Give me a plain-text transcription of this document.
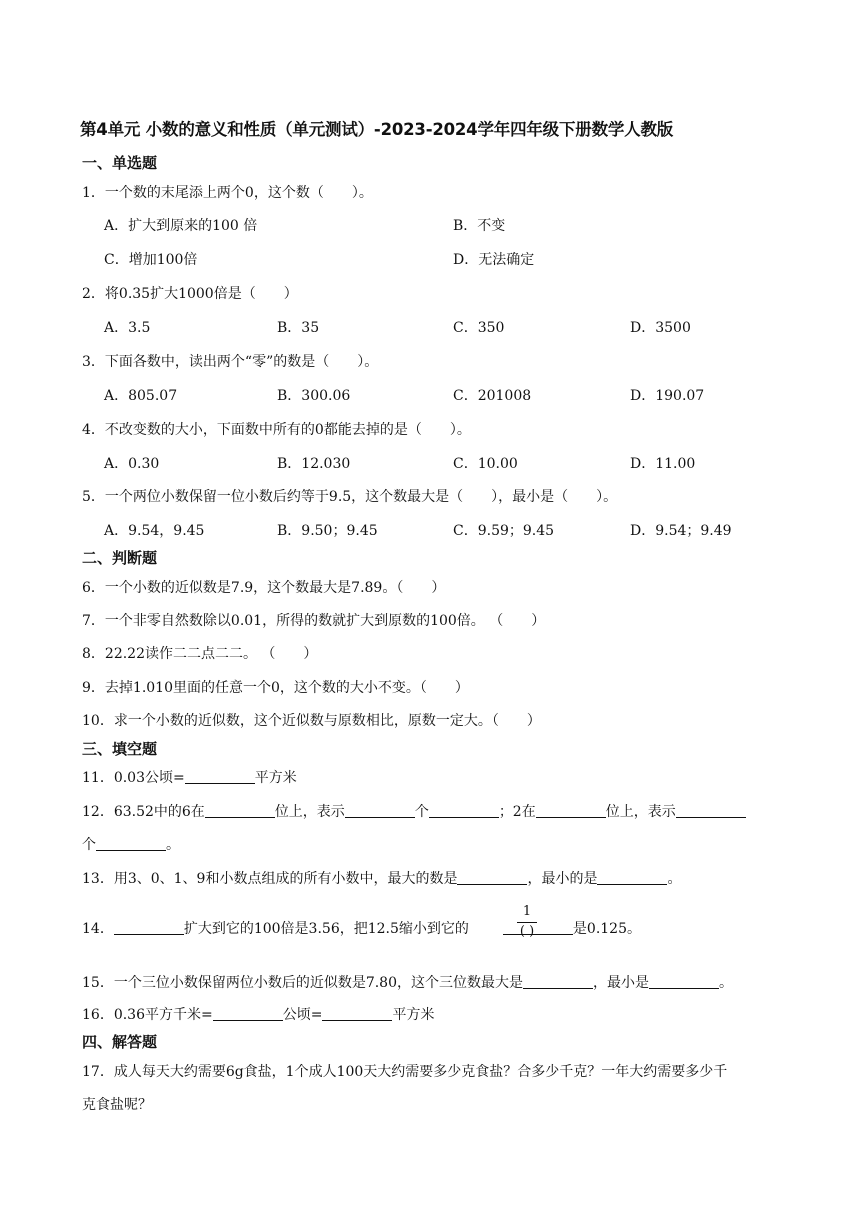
第4单元 小数的意义和性质（单元测试）-2023-2024学年四年级下册数学人教版
一、单选题
1．一个数的末尾添上两个0，这个数（　　）。
A．扩大到原来的100 倍	B．不变
C．增加100倍	D．无法确定
2．将0.35扩大1000倍是（　　）
A．3.5	B．35	C．350	D．3500
3．下面各数中，读出两个“零”的数是（　　）。
A．805.07	B．300.06	C．201008	D．190.07
4．不改变数的大小，下面数中所有的0都能去掉的是（　　）。
A．0.30	B．12.030	C．10.00	D．11.00
5．一个两位小数保留一位小数后约等于9.5，这个数最大是（　　），最小是（　　）。
A．9.54，9.45	B．9.50；9.45	C．9.59；9.45	D．9.54；9.49
二、判断题
6．一个小数的近似数是7.9，这个数最大是7.89。（　　）
7．一个非零自然数除以0.01，所得的数就扩大到原数的100倍。 （　　）
8．22.22读作二二点二二。 （　　）
9．去掉1.010里面的任意一个0，这个数的大小不变。（　　）
10．求一个小数的近似数，这个近似数与原数相比，原数一定大。（　　）
三、填空题
11．0.03公顷=	平方米
12．63.52中的6在	位上，表示	个	；2在	位上，表示
个	。
13．用3、0、1、9和小数点组成的所有小数中，最大的数是	，最小的是	。
14．	扩大到它的100倍是3.56，把12.5缩小到它的	是0.125。
1
( )
15．一个三位小数保留两位小数后的近似数是7.80，这个三位数最大是	，最小是	。
16．0.36平方千米=	公顷=	平方米
四、解答题
17．成人每天大约需要6g食盐，1个成人100天大约需要多少克食盐？合多少千克？一年大约需要多少千
克食盐呢？
